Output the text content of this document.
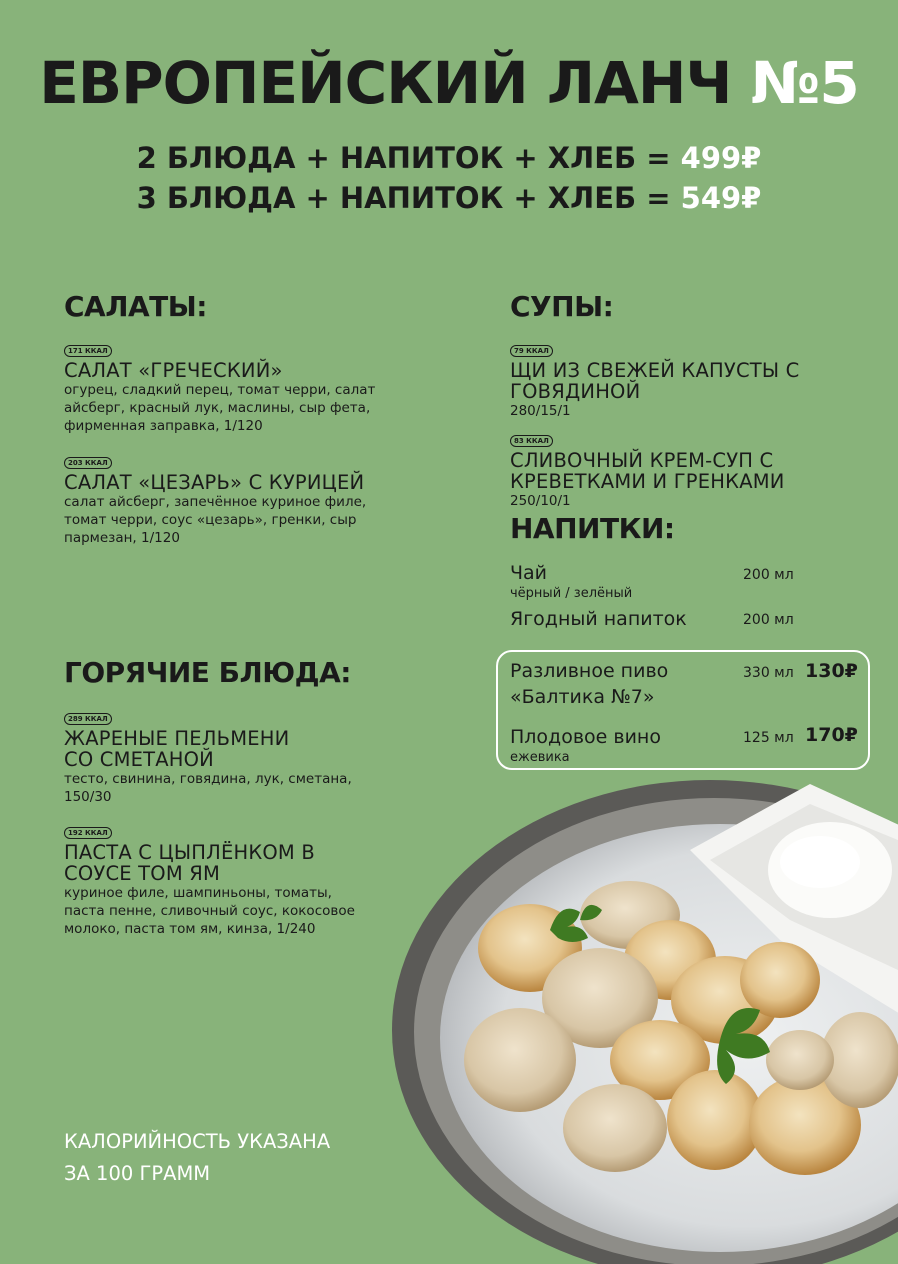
ЕВРОПЕЙСКИЙ ЛАНЧ №5
2 БЛЮДА + НАПИТОК + ХЛЕБ = 499₽
3 БЛЮДА + НАПИТОК + ХЛЕБ = 549₽
САЛАТЫ:
171 ККАЛ
САЛАТ «ГРЕЧЕСКИЙ»
огурец, сладкий перец, томат черри, салат айсберг, красный лук, маслины, сыр фета, фирменная заправка, 1/120
203 ККАЛ
САЛАТ «ЦЕЗАРЬ» С КУРИЦЕЙ
салат айсберг, запечённое куриное филе, томат черри, соус «цезарь», гренки, сыр пармезан, 1/120
СУПЫ:
79 ККАЛ
ЩИ ИЗ СВЕЖЕЙ КАПУСТЫ С ГОВЯДИНОЙ
280/15/1
83 ККАЛ
СЛИВОЧНЫЙ КРЕМ-СУП С КРЕВЕТКАМИ И ГРЕНКАМИ
250/10/1
НАПИТКИ:
Чай
чёрный / зелёный
200 мл
Ягодный напиток	200 мл
Разливное пиво «Балтика №7»
330 мл 130₽
Плодовое вино
ежевика
125 мл 170₽
ГОРЯЧИЕ БЛЮДА:
289 ККАЛ
ЖАРЕНЫЕ ПЕЛЬМЕНИ СО СМЕТАНОЙ
тесто, свинина, говядина, лук, сметана, 150/30
192 ККАЛ
ПАСТА С ЦЫПЛЁНКОМ В СОУСЕ ТОМ ЯМ
куриное филе, шампиньоны, томаты, паста пенне, сливочный соус, кокосовое молоко, паста том ям, кинза, 1/240
КАЛОРИЙНОСТЬ УКАЗАНА
ЗА 100 ГРАММ
